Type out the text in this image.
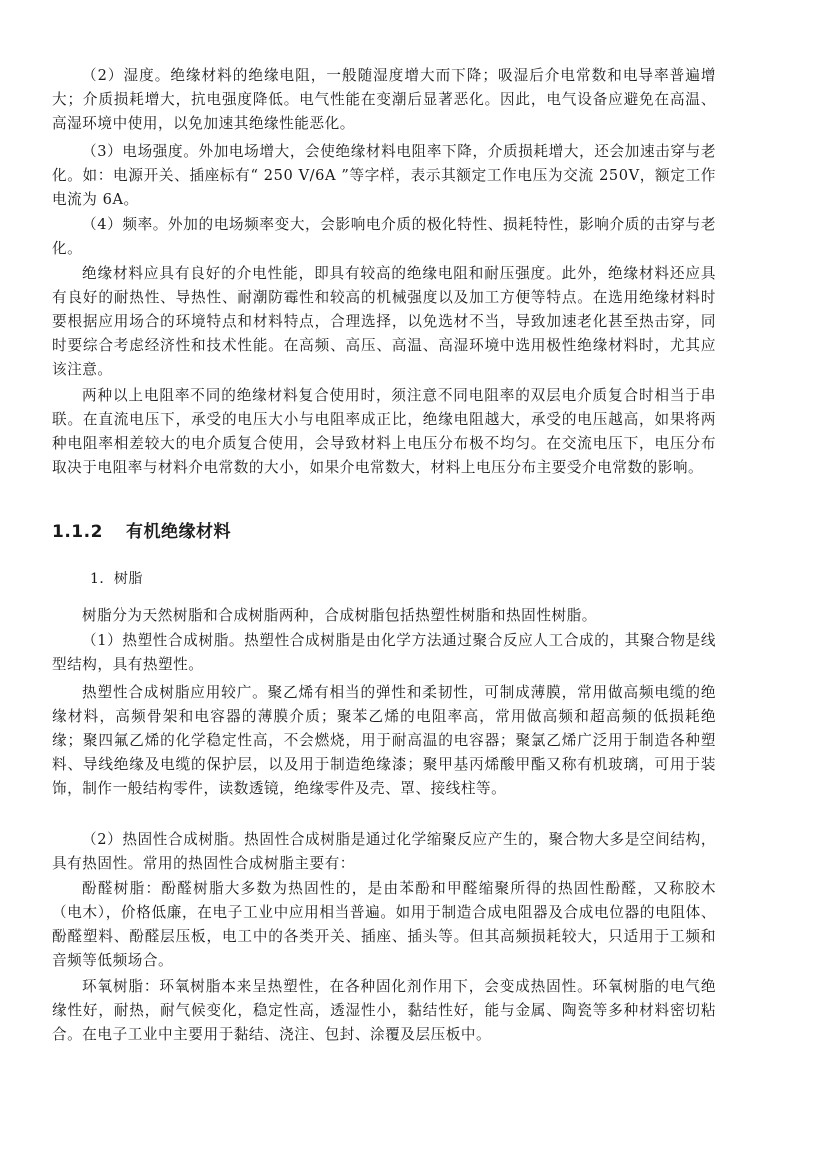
（2）湿度。绝缘材料的绝缘电阻，一般随湿度增大而下降；吸湿后介电常数和电导率普遍增大；介质损耗增大，抗电强度降低。电气性能在变潮后显著恶化。因此，电气设备应避免在高温、高湿环境中使用，以免加速其绝缘性能恶化。

（3）电场强度。外加电场增大，会使绝缘材料电阻率下降，介质损耗增大，还会加速击穿与老化。如：电源开关、插座标有“ 250 V/6A ”等字样，表示其额定工作电压为交流 250V，额定工作电流为 6A。

（4）频率。外加的电场频率变大，会影响电介质的极化特性、损耗特性，影响介质的击穿与老化。

绝缘材料应具有良好的介电性能，即具有较高的绝缘电阻和耐压强度。此外，绝缘材料还应具有良好的耐热性、导热性、耐潮防霉性和较高的机械强度以及加工方便等特点。在选用绝缘材料时要根据应用场合的环境特点和材料特点，合理选择，以免选材不当，导致加速老化甚至热击穿，同时要综合考虑经济性和技术性能。在高频、高压、高温、高湿环境中选用极性绝缘材料时，尤其应该注意。

两种以上电阻率不同的绝缘材料复合使用时，须注意不同电阻率的双层电介质复合时相当于串联。在直流电压下，承受的电压大小与电阻率成正比，绝缘电阻越大，承受的电压越高，如果将两种电阻率相差较大的电介质复合使用，会导致材料上电压分布极不均匀。在交流电压下，电压分布取决于电阻率与材料介电常数的大小，如果介电常数大，材料上电压分布主要受介电常数的影响。

1.1.2 有机绝缘材料
1．树脂

树脂分为天然树脂和合成树脂两种，合成树脂包括热塑性树脂和热固性树脂。

（1）热塑性合成树脂。热塑性合成树脂是由化学方法通过聚合反应人工合成的，其聚合物是线型结构，具有热塑性。

热塑性合成树脂应用较广。聚乙烯有相当的弹性和柔韧性，可制成薄膜，常用做高频电缆的绝缘材料，高频骨架和电容器的薄膜介质；聚苯乙烯的电阻率高，常用做高频和超高频的低损耗绝缘；聚四氟乙烯的化学稳定性高，不会燃烧，用于耐高温的电容器；聚氯乙烯广泛用于制造各种塑料、导线绝缘及电缆的保护层，以及用于制造绝缘漆；聚甲基丙烯酸甲酯又称有机玻璃，可用于装饰，制作一般结构零件，读数透镜，绝缘零件及壳、罩、接线柱等。

（2）热固性合成树脂。热固性合成树脂是通过化学缩聚反应产生的，聚合物大多是空间结构，具有热固性。常用的热固性合成树脂主要有：

酚醛树脂：酚醛树脂大多数为热固性的，是由苯酚和甲醛缩聚所得的热固性酚醛，又称胶木（电木），价格低廉，在电子工业中应用相当普遍。如用于制造合成电阻器及合成电位器的电阻体、酚醛塑料、酚醛层压板，电工中的各类开关、插座、插头等。但其高频损耗较大，只适用于工频和音频等低频场合。

环氧树脂：环氧树脂本来呈热塑性，在各种固化剂作用下，会变成热固性。环氧树脂的电气绝缘性好，耐热，耐气候变化，稳定性高，透湿性小，黏结性好，能与金属、陶瓷等多种材料密切粘合。在电子工业中主要用于黏结、浇注、包封、涂覆及层压板中。
